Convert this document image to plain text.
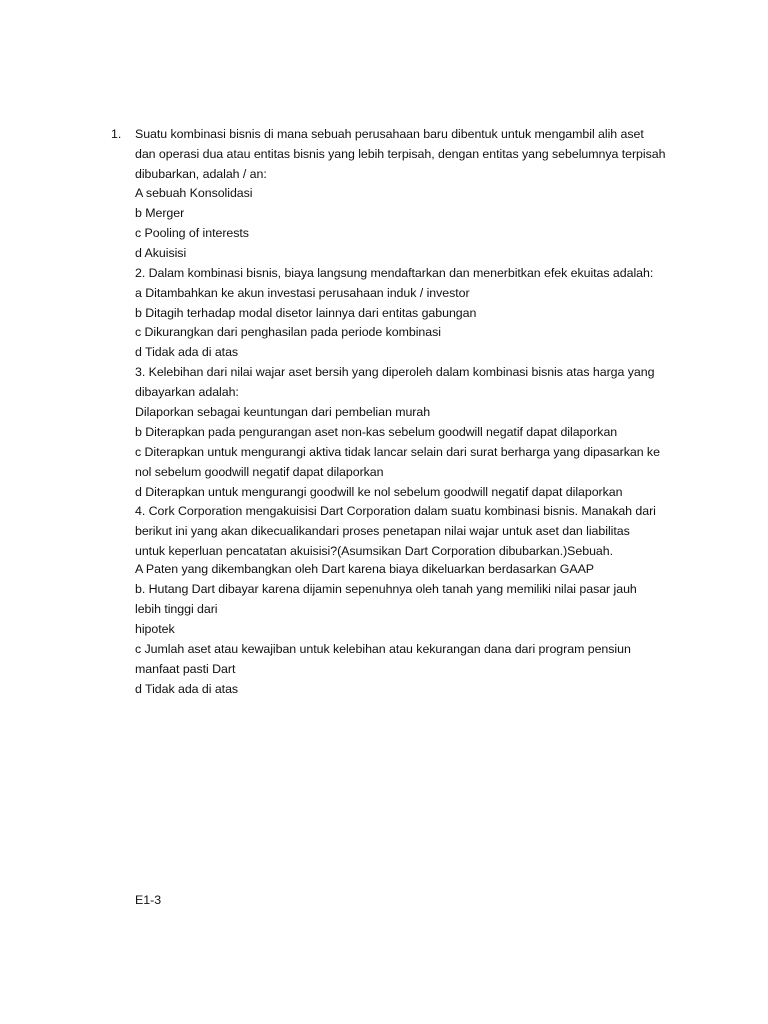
1. Suatu kombinasi bisnis di mana sebuah perusahaan baru dibentuk untuk mengambil alih aset
dan operasi dua atau entitas bisnis yang lebih terpisah, dengan entitas yang sebelumnya terpisah
dibubarkan, adalah / an:
A sebuah Konsolidasi
b Merger
c Pooling of interests
d Akuisisi
2. Dalam kombinasi bisnis, biaya langsung mendaftarkan dan menerbitkan efek ekuitas adalah:
a Ditambahkan ke akun investasi perusahaan induk / investor
b Ditagih terhadap modal disetor lainnya dari entitas gabungan
c Dikurangkan dari penghasilan pada periode kombinasi
d Tidak ada di atas
3. Kelebihan dari nilai wajar aset bersih yang diperoleh dalam kombinasi bisnis atas harga yang
dibayarkan adalah:
Dilaporkan sebagai keuntungan dari pembelian murah
b Diterapkan pada pengurangan aset non-kas sebelum goodwill negatif dapat dilaporkan
c Diterapkan untuk mengurangi aktiva tidak lancar selain dari surat berharga yang dipasarkan ke
nol sebelum goodwill negatif dapat dilaporkan
d Diterapkan untuk mengurangi goodwill ke nol sebelum goodwill negatif dapat dilaporkan
4. Cork Corporation mengakuisisi Dart Corporation dalam suatu kombinasi bisnis. Manakah dari
berikut ini yang akan dikecualikandari proses penetapan nilai wajar untuk aset dan liabilitas
untuk keperluan pencatatan akuisisi?(Asumsikan Dart Corporation dibubarkan.)Sebuah.
A Paten yang dikembangkan oleh Dart karena biaya dikeluarkan berdasarkan GAAP
b. Hutang Dart dibayar karena dijamin sepenuhnya oleh tanah yang memiliki nilai pasar jauh
lebih tinggi dari
hipotek
c Jumlah aset atau kewajiban untuk kelebihan atau kekurangan dana dari program pensiun
manfaat pasti Dart
d Tidak ada di atas
E1-3
